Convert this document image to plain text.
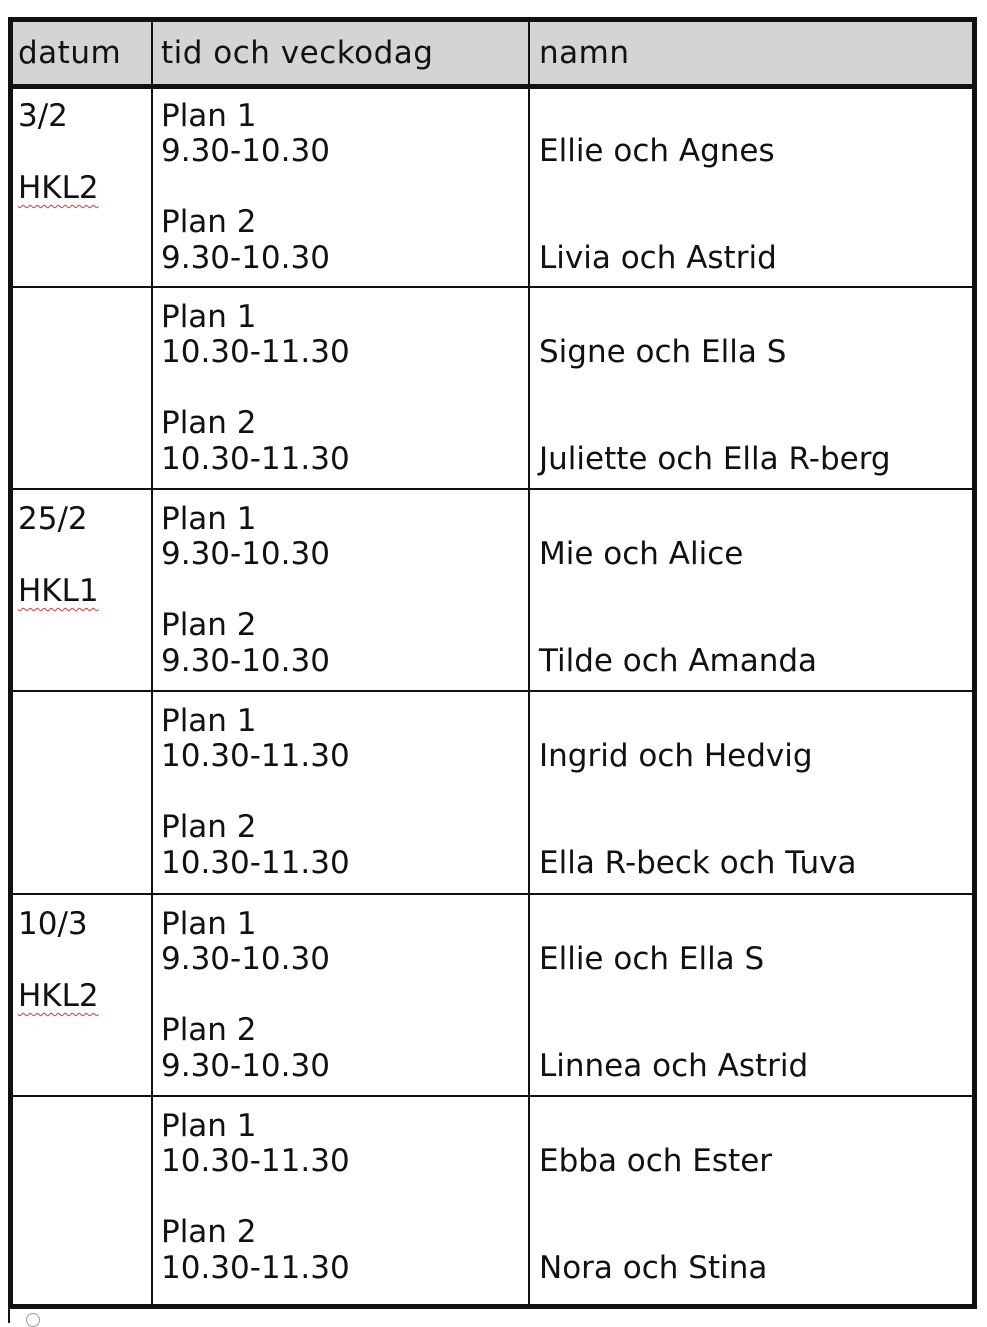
datum tid och veckodag	namn
3/2
HKL2
Plan 1
9.30-10.30
Plan 2
9.30-10.30
Ellie och Agnes
Livia och Astrid
Plan 1
10.30-11.30
Plan 2
10.30-11.30
Signe och Ella S
Juliette och Ella R-berg
25/2
HKL1
Plan 1
9.30-10.30
Plan 2
9.30-10.30
Mie och Alice
Tilde och Amanda
Plan 1
10.30-11.30
Plan 2
10.30-11.30
Ingrid och Hedvig
Ella R-beck och Tuva
10/3
HKL2
Plan 1
9.30-10.30
Plan 2
9.30-10.30
Ellie och Ella S
Linnea och Astrid
Plan 1
10.30-11.30
Plan 2
10.30-11.30
Ebba och Ester
Nora och Stina
